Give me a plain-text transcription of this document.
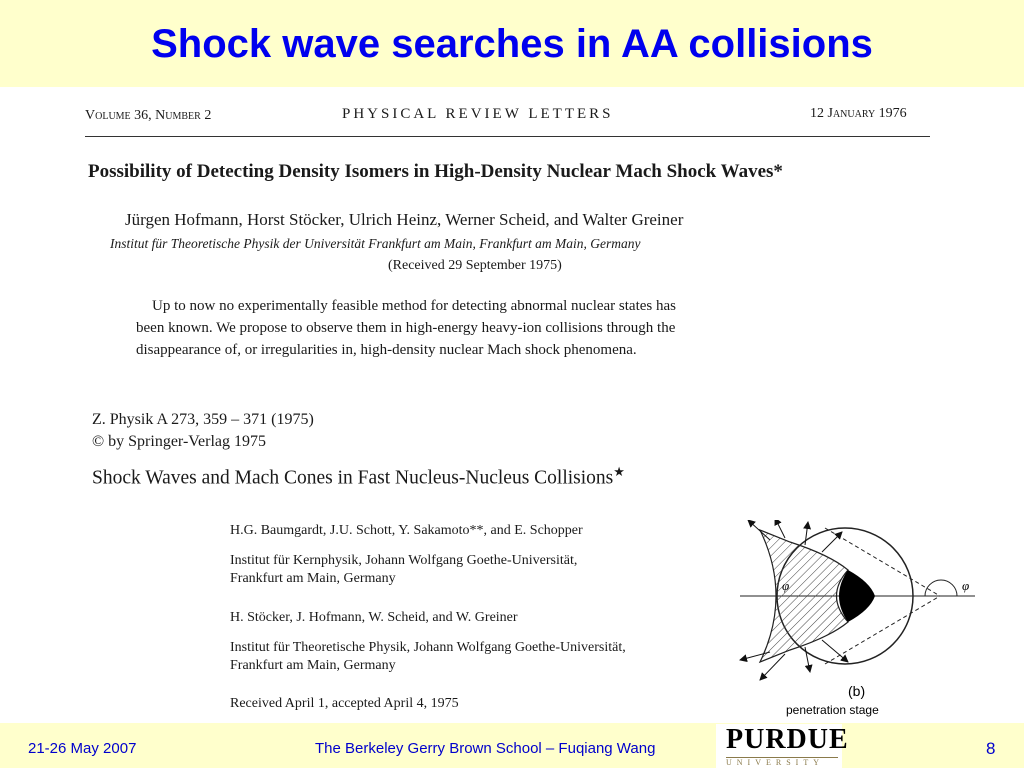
Shock wave searches in AA collisions
Volume 36, Number 2	PHYSICAL REVIEW LETTERS	12 January 1976
Possibility of Detecting Density Isomers in High-Density Nuclear Mach Shock Waves*
Jürgen Hofmann, Horst Stöcker, Ulrich Heinz, Werner Scheid, and Walter Greiner
Institut für Theoretische Physik der Universität Frankfurt am Main, Frankfurt am Main, Germany
(Received 29 September 1975)
Up to now no experimentally feasible method for detecting abnormal nuclear states has
been known. We propose to observe them in high-energy heavy-ion collisions through the
disappearance of, or irregularities in, high-density nuclear Mach shock phenomena.
Z. Physik A 273, 359 – 371 (1975)
© by Springer-Verlag 1975
Shock Waves and Mach Cones in Fast Nucleus-Nucleus Collisions★
H.G. Baumgardt, J.U. Schott, Y. Sakamoto**, and E. Schopper
Institut für Kernphysik, Johann Wolfgang Goethe-Universität,
Frankfurt am Main, Germany
H. Stöcker, J. Hofmann, W. Scheid, and W. Greiner
Institut für Theoretische Physik, Johann Wolfgang Goethe-Universität,
Frankfurt am Main, Germany
Received April 1, accepted April 4, 1975
φ	φ
(b)
penetration stage
21-26 May 2007	The Berkeley Gerry Brown School – Fuqiang Wang	PURDUE
UNIVERSITY
8
